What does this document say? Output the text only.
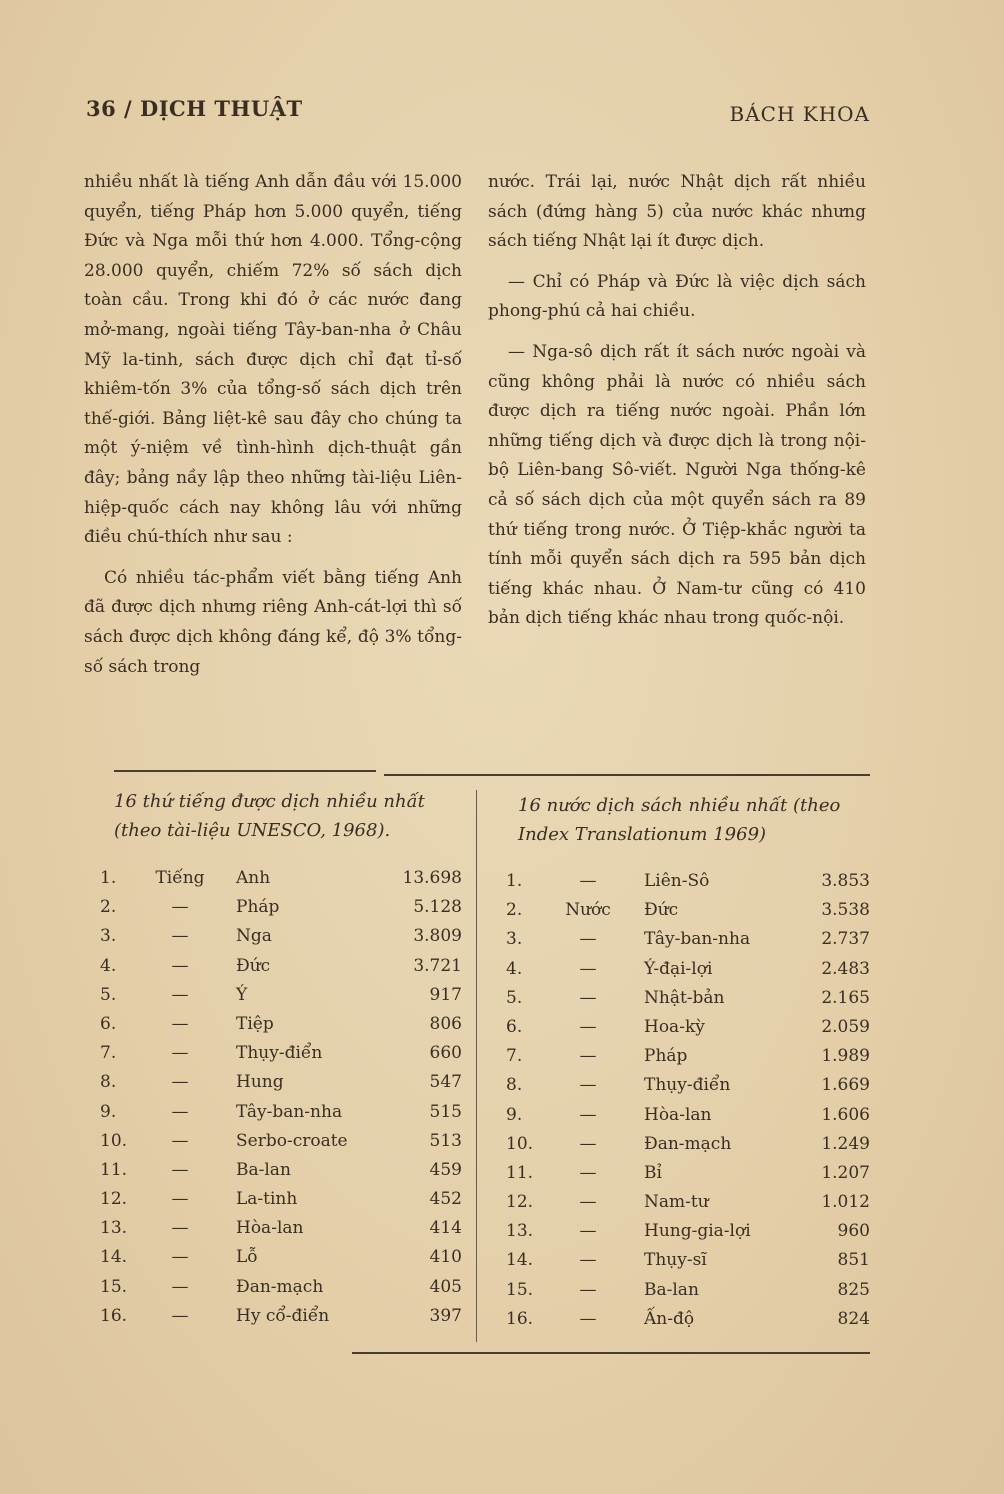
36 / DỊCH THUẬT	BÁCH KHOA

nhiều nhất là tiếng Anh dẫn đầu với 15.000 quyển, tiếng Pháp hơn 5.000 quyển, tiếng Đức và Nga mỗi thứ hơn 4.000. Tổng-cộng 28.000 quyển, chiếm 72% số sách dịch toàn cầu. Trong khi đó ở các nước đang mở-mang, ngoài tiếng Tây-ban-nha ở Châu Mỹ la-tinh, sách được dịch chỉ đạt tỉ-số khiêm-tốn 3% của tổng-số sách dịch trên thế-giới. Bảng liệt-kê sau đây cho chúng ta một ý-niệm về tình-hình dịch-thuật gần đây; bảng nầy lập theo những tài-liệu Liên-hiệp-quốc cách nay không lâu với những điều chú-thích như sau :

Có nhiều tác-phẩm viết bằng tiếng Anh đã được dịch nhưng riêng Anh-cát-lợi thì số sách được dịch không đáng kể, độ 3% tổng-số sách trong

nước. Trái lại, nước Nhật dịch rất nhiều sách (đứng hàng 5) của nước khác nhưng sách tiếng Nhật lại ít được dịch.

— Chỉ có Pháp và Đức là việc dịch sách phong-phú cả hai chiều.

— Nga-sô dịch rất ít sách nước ngoài và cũng không phải là nước có nhiều sách được dịch ra tiếng nước ngoài. Phần lớn những tiếng dịch và được dịch là trong nội-bộ Liên-bang Sô-viết. Người Nga thống-kê cả số sách dịch của một quyển sách ra 89 thứ tiếng trong nước. Ở Tiệp-khắc người ta tính mỗi quyển sách dịch ra 595 bản dịch tiếng khác nhau. Ở Nam-tư cũng có 410 bản dịch tiếng khác nhau trong quốc-nội.

16 thứ tiếng được dịch nhiều nhất
(theo tài-liệu UNESCO, 1968).
16 nước dịch sách nhiều nhất (theo
Index Translationum 1969)
1.	Tiếng	Anh	13.698
2.	—	Pháp	5.128
3.	—	Nga	3.809
4.	—	Đức	3.721
5.	—	Ý	917
6.	—	Tiệp	806
7.	—	Thụy-điển	660
8.	—	Hung	547
9.	—	Tây-ban-nha	515
10.	—	Serbo-croate	513
11.	—	Ba-lan	459
12.	—	La-tinh	452
13.	—	Hòa-lan	414
14.	—	Lỗ	410
15.	—	Đan-mạch	405
16.	—	Hy cổ-điển	397
1.	—	Liên-Sô	3.853
2.	Nước	Đức	3.538
3.	—	Tây-ban-nha	2.737
4.	—	Ý-đại-lợi	2.483
5.	—	Nhật-bản	2.165
6.	—	Hoa-kỳ	2.059
7.	—	Pháp	1.989
8.	—	Thụy-điển	1.669
9.	—	Hòa-lan	1.606
10.	—	Đan-mạch	1.249
11.	—	Bỉ	1.207
12.	—	Nam-tư	1.012
13.	—	Hung-gia-lợi	960
14.	—	Thụy-sĩ	851
15.	—	Ba-lan	825
16.	—	Ấn-độ	824
